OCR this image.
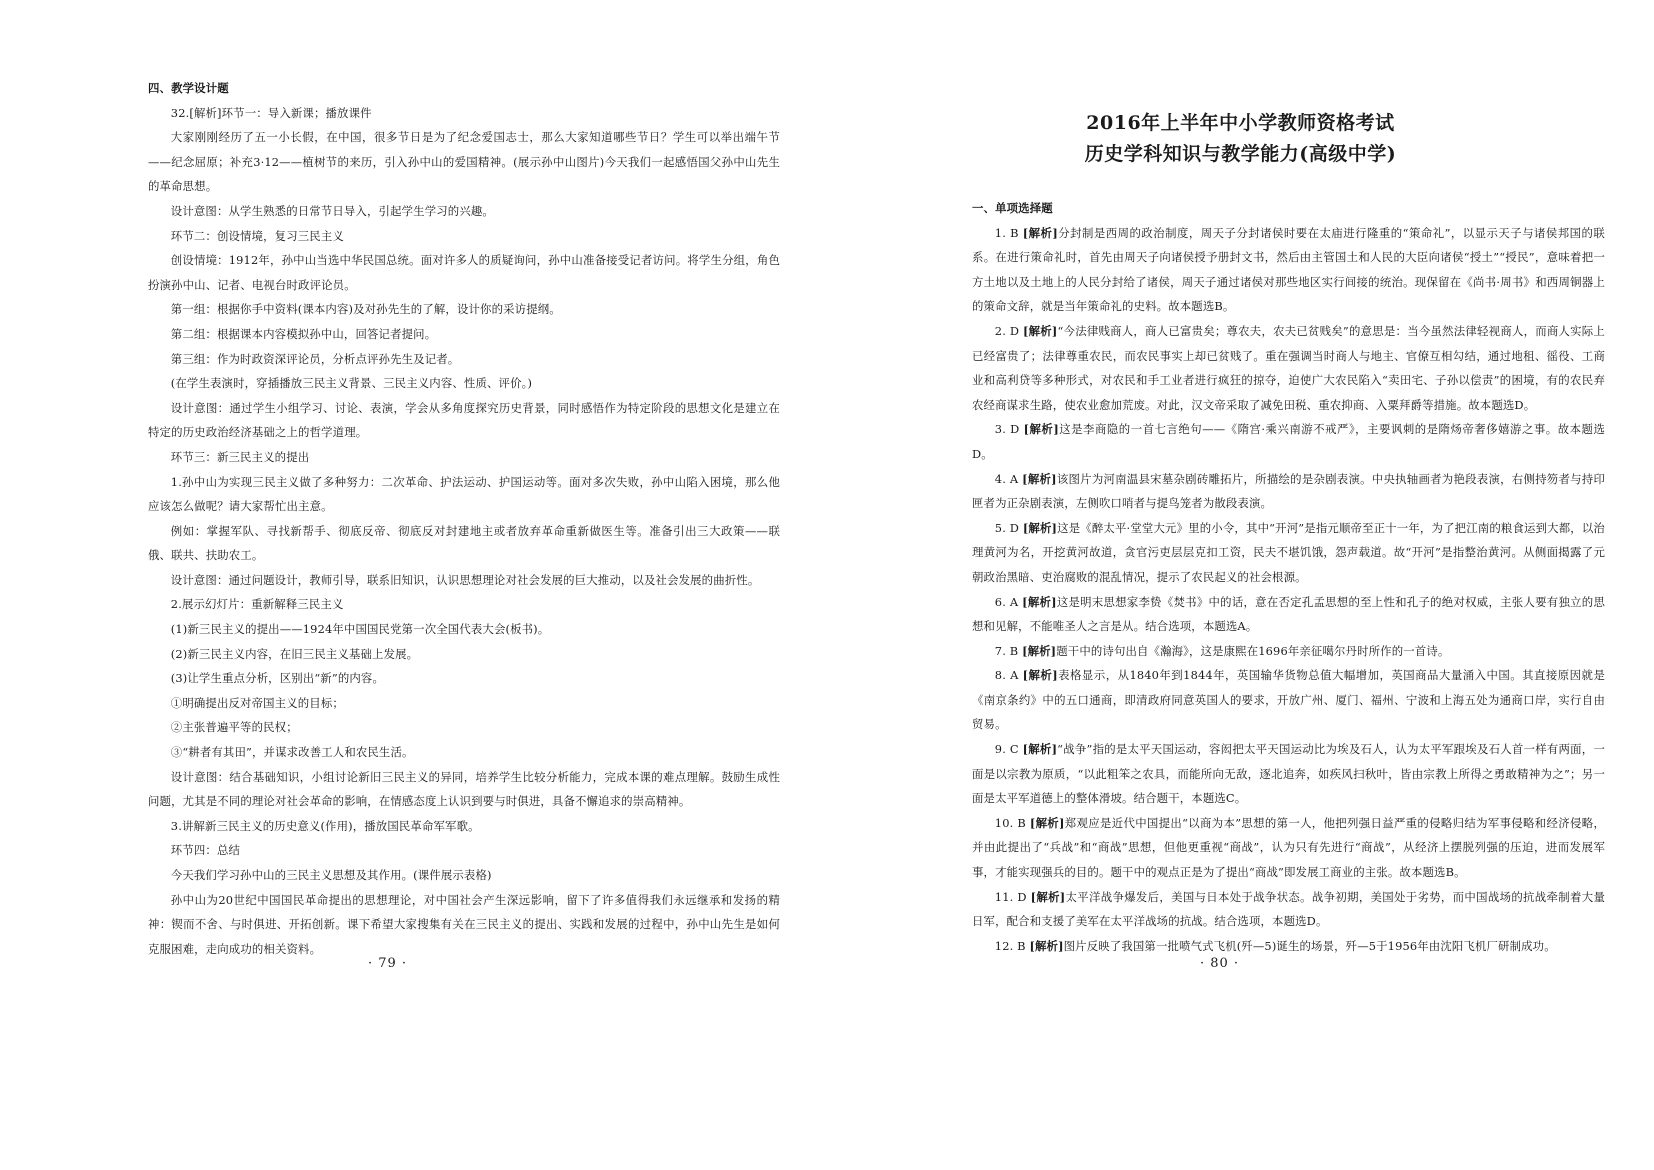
四、教学设计题

32.[解析]环节一：导入新课；播放课件

大家刚刚经历了五一小长假，在中国，很多节日是为了纪念爱国志士，那么大家知道哪些节日？学生可以举出端午节——纪念屈原；补充3·12——植树节的来历，引入孙中山的爱国精神。(展示孙中山图片)今天我们一起感悟国父孙中山先生的革命思想。

设计意图：从学生熟悉的日常节日导入，引起学生学习的兴趣。

环节二：创设情境，复习三民主义

创设情境：1912年，孙中山当选中华民国总统。面对许多人的质疑询问，孙中山准备接受记者访问。将学生分组，角色扮演孙中山、记者、电视台时政评论员。

第一组：根据你手中资料(课本内容)及对孙先生的了解，设计你的采访提纲。

第二组：根据课本内容模拟孙中山，回答记者提问。

第三组：作为时政资深评论员，分析点评孙先生及记者。

(在学生表演时，穿插播放三民主义背景、三民主义内容、性质、评价。)

设计意图：通过学生小组学习、讨论、表演，学会从多角度探究历史背景，同时感悟作为特定阶段的思想文化是建立在特定的历史政治经济基础之上的哲学道理。

环节三：新三民主义的提出

1.孙中山为实现三民主义做了多种努力：二次革命、护法运动、护国运动等。面对多次失败，孙中山陷入困境，那么他应该怎么做呢？请大家帮忙出主意。

例如：掌握军队、寻找新帮手、彻底反帝、彻底反对封建地主或者放弃革命重新做医生等。准备引出三大政策——联俄、联共、扶助农工。

设计意图：通过问题设计，教师引导，联系旧知识，认识思想理论对社会发展的巨大推动，以及社会发展的曲折性。

2.展示幻灯片：重新解释三民主义

(1)新三民主义的提出——1924年中国国民党第一次全国代表大会(板书)。

(2)新三民主义内容，在旧三民主义基础上发展。

(3)让学生重点分析，区别出“新”的内容。

①明确提出反对帝国主义的目标；

②主张普遍平等的民权；

③“耕者有其田”，并谋求改善工人和农民生活。

设计意图：结合基础知识，小组讨论新旧三民主义的异同，培养学生比较分析能力，完成本课的难点理解。鼓励生成性问题，尤其是不同的理论对社会革命的影响，在情感态度上认识到要与时俱进，具备不懈追求的崇高精神。

3.讲解新三民主义的历史意义(作用)，播放国民革命军军歌。

环节四：总结

今天我们学习孙中山的三民主义思想及其作用。(课件展示表格)

孙中山为20世纪中国国民革命提出的思想理论，对中国社会产生深远影响，留下了许多值得我们永远继承和发扬的精神：锲而不舍、与时俱进、开拓创新。课下希望大家搜集有关在三民主义的提出、实践和发展的过程中，孙中山先生是如何克服困难，走向成功的相关资料。

· 79 ·
2016年上半年中小学教师资格考试
历史学科知识与教学能力(高级中学)

一、单项选择题

1. B [解析]分封制是西周的政治制度，周天子分封诸侯时要在太庙进行隆重的“策命礼”，以显示天子与诸侯邦国的联系。在进行策命礼时，首先由周天子向诸侯授予册封文书，然后由主管国土和人民的大臣向诸侯“授土”“授民”，意味着把一方土地以及土地上的人民分封给了诸侯，周天子通过诸侯对那些地区实行间接的统治。现保留在《尚书·周书》和西周铜器上的策命文辞，就是当年策命礼的史料。故本题选B。

2. D [解析]“今法律贱商人，商人已富贵矣；尊农夫，农夫已贫贱矣”的意思是：当今虽然法律轻视商人，而商人实际上已经富贵了；法律尊重农民，而农民事实上却已贫贱了。重在强调当时商人与地主、官僚互相勾结，通过地租、徭役、工商业和高利贷等多种形式，对农民和手工业者进行疯狂的掠夺，迫使广大农民陷入“卖田宅、子孙以偿责”的困境，有的农民弃农经商谋求生路，使农业愈加荒废。对此，汉文帝采取了减免田税、重农抑商、入粟拜爵等措施。故本题选D。

3. D [解析]这是李商隐的一首七言绝句——《隋宫·乘兴南游不戒严》，主要讽刺的是隋炀帝奢侈嬉游之事。故本题选D。

4. A [解析]该图片为河南温县宋墓杂剧砖雕拓片，所描绘的是杂剧表演。中央执轴画者为艳段表演，右侧持笏者与持印匣者为正杂剧表演，左侧吹口哨者与提鸟笼者为散段表演。

5. D [解析]这是《醉太平·堂堂大元》里的小令，其中“开河”是指元顺帝至正十一年，为了把江南的粮食运到大都，以治理黄河为名，开挖黄河故道，贪官污吏层层克扣工资，民夫不堪饥饿，怨声载道。故“开河”是指整治黄河。从侧面揭露了元朝政治黑暗、吏治腐败的混乱情况，提示了农民起义的社会根源。

6. A [解析]这是明末思想家李贽《焚书》中的话，意在否定孔孟思想的至上性和孔子的绝对权威，主张人要有独立的思想和见解，不能唯圣人之言是从。结合选项，本题选A。

7. B [解析]题干中的诗句出自《瀚海》，这是康熙在1696年亲征噶尔丹时所作的一首诗。

8. A [解析]表格显示，从1840年到1844年，英国输华货物总值大幅增加，英国商品大量涌入中国。其直接原因就是《南京条约》中的五口通商，即清政府同意英国人的要求，开放广州、厦门、福州、宁波和上海五处为通商口岸，实行自由贸易。

9. C [解析]“战争”指的是太平天国运动，容闳把太平天国运动比为埃及石人，认为太平军跟埃及石人首一样有两面，一面是以宗教为原质，“以此粗笨之农具，而能所向无敌，逐北追奔，如疾风扫秋叶，皆由宗教上所得之勇敢精神为之”；另一面是太平军道德上的整体滑坡。结合题干，本题选C。

10. B [解析]郑观应是近代中国提出“以商为本”思想的第一人，他把列强日益严重的侵略归结为军事侵略和经济侵略，并由此提出了“兵战”和“商战”思想，但他更重视“商战”，认为只有先进行“商战”，从经济上摆脱列强的压迫，进而发展军事，才能实现强兵的目的。题干中的观点正是为了提出“商战”即发展工商业的主张。故本题选B。

11. D [解析]太平洋战争爆发后，美国与日本处于战争状态。战争初期，美国处于劣势，而中国战场的抗战牵制着大量日军，配合和支援了美军在太平洋战场的抗战。结合选项，本题选D。

12. B [解析]图片反映了我国第一批喷气式飞机(歼—5)诞生的场景，歼—5于1956年由沈阳飞机厂研制成功。

· 80 ·
